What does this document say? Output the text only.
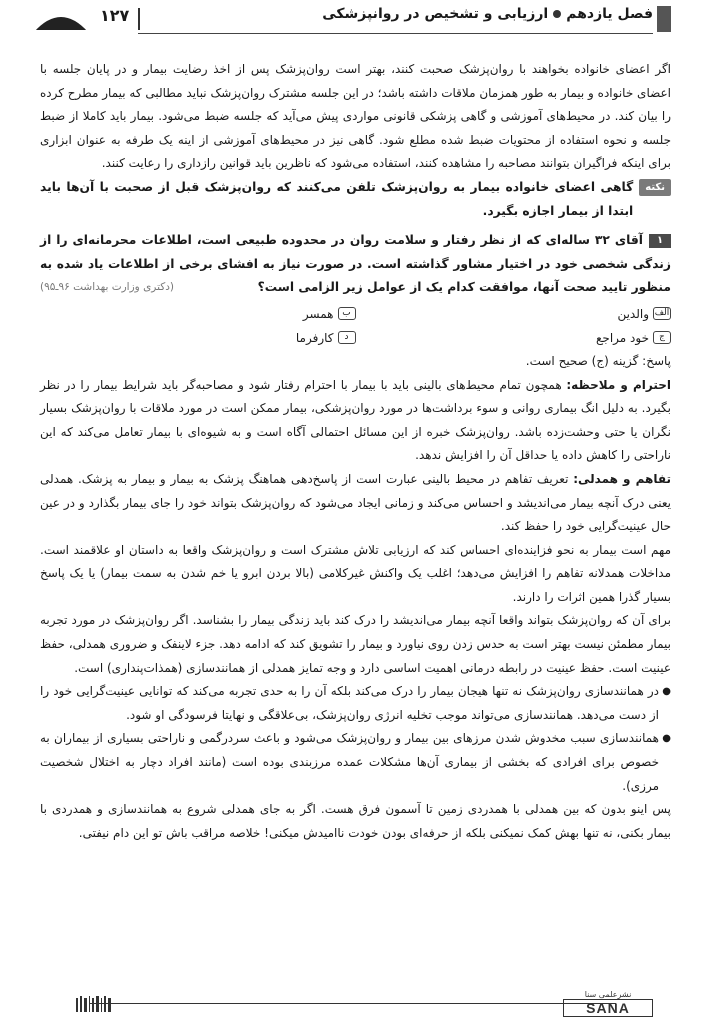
۱۲۷	فصل یازدهمارزیابی و تشخیص در روانپزشکی

اگر اعضای خانواده بخواهند با روان‌پزشک صحبت کنند، بهتر است روان‌پزشک پس از اخذ رضایت بیمار و در پایان جلسه با اعضای خانواده و بیمار به طور همزمان ملاقات داشته باشد؛ در این جلسه مشترک روان‌پزشک نباید مطالبی که بیمار مطرح کرده را بیان کند. در محیط‌های آموزشی و گاهی پزشکی قانونی مواردی پیش می‌آید که جلسه ضبط می‌شود. بیمار باید کاملا از ضبط جلسه و نحوه استفاده از محتویات ضبط شده مطلع شود. گاهی نیز در محیط‌های آموزشی از اینه یک طرفه به عنوان ابزاری برای اینکه فراگیران بتوانند مصاحبه را مشاهده کنند، استفاده می‌شود که ناظرین باید قوانین رازداری را رعایت کنند.

نکته
گاهی اعضای خانواده بیمار به روان‌پزشک تلفن می‌کنند که روان‌پزشک قبل از صحبت با آن‌ها باید ابتدا از بیمار اجازه بگیرد.
۱آقای ۳۲ ساله‌ای که از نظر رفتار و سلامت روان در محدوده طبیعی است، اطلاعات محرمانه‌ای را از زندگی شخصی خود در اختیار مشاور گذاشته است. در صورت نیاز به افشای برخی از اطلاعات یاد شده به منظور تایید صحت آنها، موافقت کدام یک از عوامل زیر الزامی است؟
(دکتری وزارت بهداشت ۹۶ـ۹۵)
الف
والدین
ب
همسر
ج
خود مراجع
د
کارفرما

پاسخ: گزینه (ج) صحیح است.

احترام و ملاحظه: همچون تمام محیط‌های بالینی باید با بیمار با احترام رفتار شود و مصاحبه‌گر باید شرایط بیمار را در نظر بگیرد. به دلیل انگ بیماری روانی و سوء برداشت‌ها در مورد روان‌پزشکی، بیمار ممکن است در مورد ملاقات با روان‌پزشک بسیار نگران یا حتی وحشت‌زده باشد. روان‌پزشک خبره از این مسائل احتمالی آگاه است و به شیوه‌ای با بیمار تعامل می‌کند که این ناراحتی را کاهش داده یا حداقل آن را افزایش ندهد.

تفاهم و همدلی: تعریف تفاهم در محیط بالینی عبارت است از پاسخ‌دهی هماهنگ پزشک به بیمار و بیمار به پزشک. همدلی یعنی درک آنچه بیمار می‌اندیشد و احساس می‌کند و زمانی ایجاد می‌شود که روان‌پزشک بتواند خود را جای بیمار بگذارد و در عین حال عینیت‌گرایی خود را حفظ کند.

مهم است بیمار به نحو فزاینده‌ای احساس کند که ارزیابی تلاش مشترک است و روان‌پزشک واقعا به داستان او علاقمند است. مداخلات همدلانه تفاهم را افزایش می‌دهد؛ اغلب یک واکنش غیرکلامی (بالا بردن ابرو یا خم شدن به سمت بیمار) یا یک پاسخ بسیار گذرا همین اثرات را دارند.

برای آن که روان‌پزشک بتواند واقعا آنچه بیمار می‌اندیشد را درک کند باید زندگی بیمار را بشناسد. اگر روان‌پزشک در مورد تجربه بیمار مطمئن نیست بهتر است به حدس زدن روی نیاورد و بیمار را تشویق کند که ادامه دهد. جزء لاینفک و ضروری همدلی، حفظ عینیت است. حفظ عینیت در رابطه درمانی اهمیت اساسی دارد و وجه تمایز همدلی از همانندسازی (همذات‌پنداری) است.

● در همانندسازی روان‌پزشک نه تنها هیجان بیمار را درک می‌کند بلکه آن را به حدی تجربه می‌کند که توانایی عینیت‌گرایی خود را از دست می‌دهد. همانندسازی می‌تواند موجب تخلیه انرژی روان‌پزشک، بی‌علاقگی و نهایتا فرسودگی او شود.
● همانندسازی سبب مخدوش شدن مرزهای بین بیمار و روان‌پزشک می‌شود و باعث سردرگمی و ناراحتی بسیاری از بیماران به خصوص برای افرادی که بخشی از بیماری آن‌ها مشکلات عمده مرزبندی بوده است (مانند افراد دچار به اختلال شخصیت مرزی).

پس اینو بدون که بین همدلی با همدردی زمین تا آسمون فرق هست. اگر به جای همدلی شروع به همانندسازی و همدردی با بیمار بکنی، نه تنها بهش کمک نمیکنی بلکه از حرفه‌ای بودن خودت ناامیدش میکنی! خلاصه مراقب باش تو این دام نیفتی.

نشرعلمی سنا
SANA
